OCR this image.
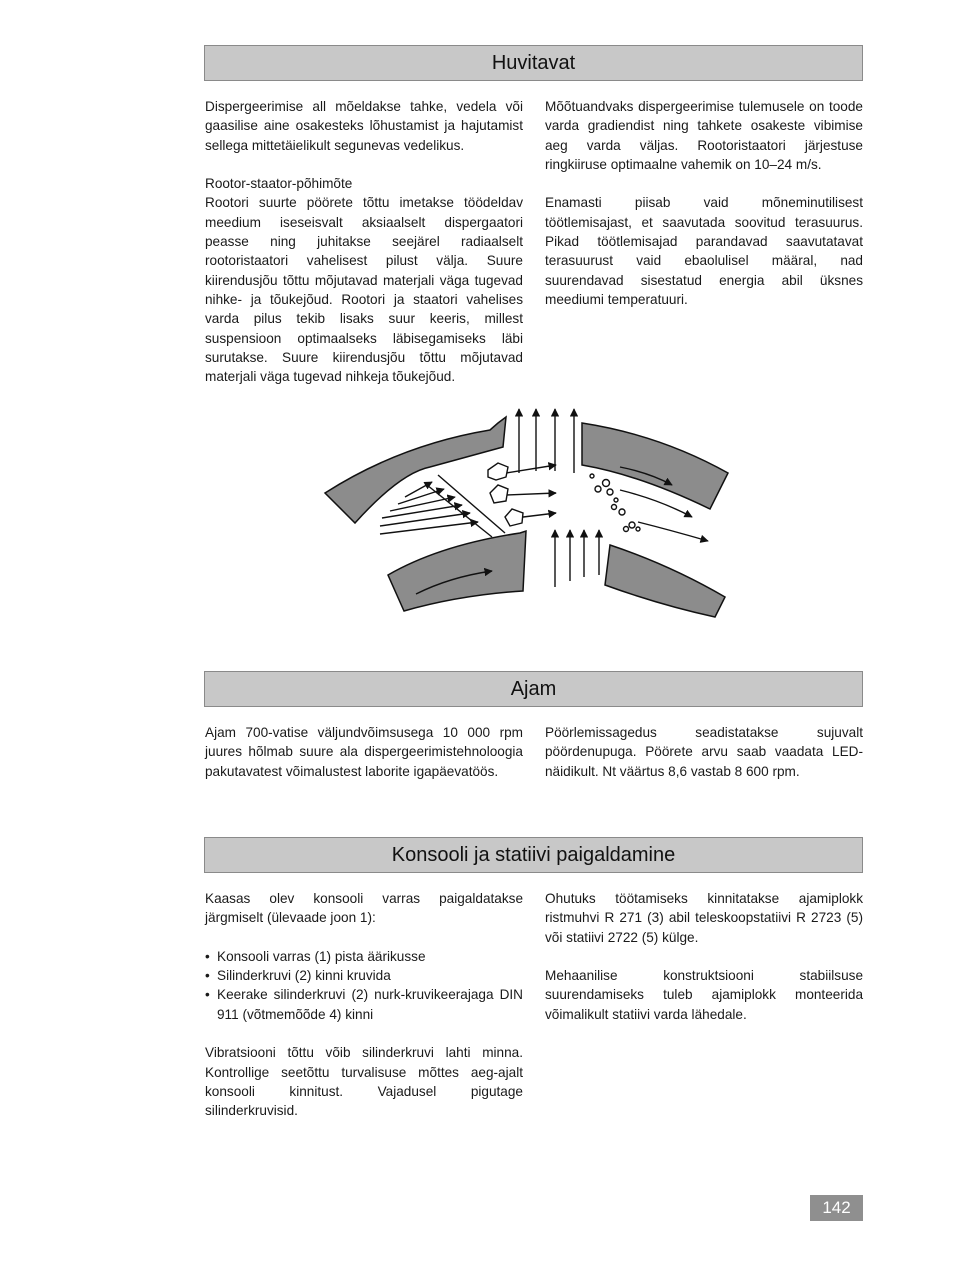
Huvitavat

Dispergeerimise all mõeldakse tahke, vedela või gaasilise aine osakesteks lõhustamist ja hajutamist sellega mittetäielikult segunevas vedelikus.

Rootor-staator-põhimõte
Rootori suurte pöörete tõttu imetakse töödeldav meedium iseseisvalt aksiaalselt dispergaatori peasse ning juhitakse seejärel radiaalselt rootoristaatori vahelisest pilust välja. Suure kiirendusjõu tõttu mõjutavad materjali väga tugevad nihke- ja tõukejõud. Rootori ja staatori vahelises varda pilus tekib lisaks suur keeris, millest suspensioon optimaalseks läbisegamiseks läbi surutakse. Suure kiirendusjõu tõttu mõjutavad materjali väga tugevad nihkeja tõukejõud.

Mõõtuandvaks dispergeerimise tulemusele on toode varda gradiendist ning tahkete osakeste vibimise aeg varda väljas. Rootoristaatori järjestuse ringkiiruse optimaalne vahemik on 10–24 m/s.

Enamasti piisab vaid mõneminutilisest töötlemisajast, et saavutada soovitud terasuurus. Pikad töötlemisajad parandavad saavutatavat terasuurust vaid ebaolulisel määral, nad suurendavad sisestatud energia abil üksnes meediumi temperatuuri.

Ajam

Ajam 700-vatise väljundvõimsusega 10 000 rpm juures hõlmab suure ala dispergeerimistehnoloogia pakutavatest võimalustest laborite igapäevatöös.

Pöörlemissagedus seadistatakse sujuvalt pöördenupuga. Pöörete arvu saab vaadata LED-näidikult. Nt väärtus 8,6 vastab 8 600 rpm.

Konsooli ja statiivi paigaldamine

Kaasas olev konsooli varras paigaldatakse järgmiselt (ülevaade joon 1):

• Konsooli varras (1) pista äärikusse
• Silinderkruvi (2) kinni kruvida
• Keerake silinderkruvi (2) nurk-kruvikeerajaga DIN 911 (võtmemõõde 4) kinni

Vibratsiooni tõttu võib silinderkruvi lahti minna. Kontrollige seetõttu turvalisuse mõttes aeg-ajalt konsooli kinnitust. Vajadusel pigutage silinderkruvisid.

Ohutuks töötamiseks kinnitatakse ajamiplokk ristmuhvi R 271 (3) abil teleskoopstatiivi R 2723 (5) või statiivi 2722 (5) külge.

Mehaanilise konstruktsiooni stabiilsuse suurendamiseks tuleb ajamiplokk monteerida võimalikult statiivi varda lähedale.

142
